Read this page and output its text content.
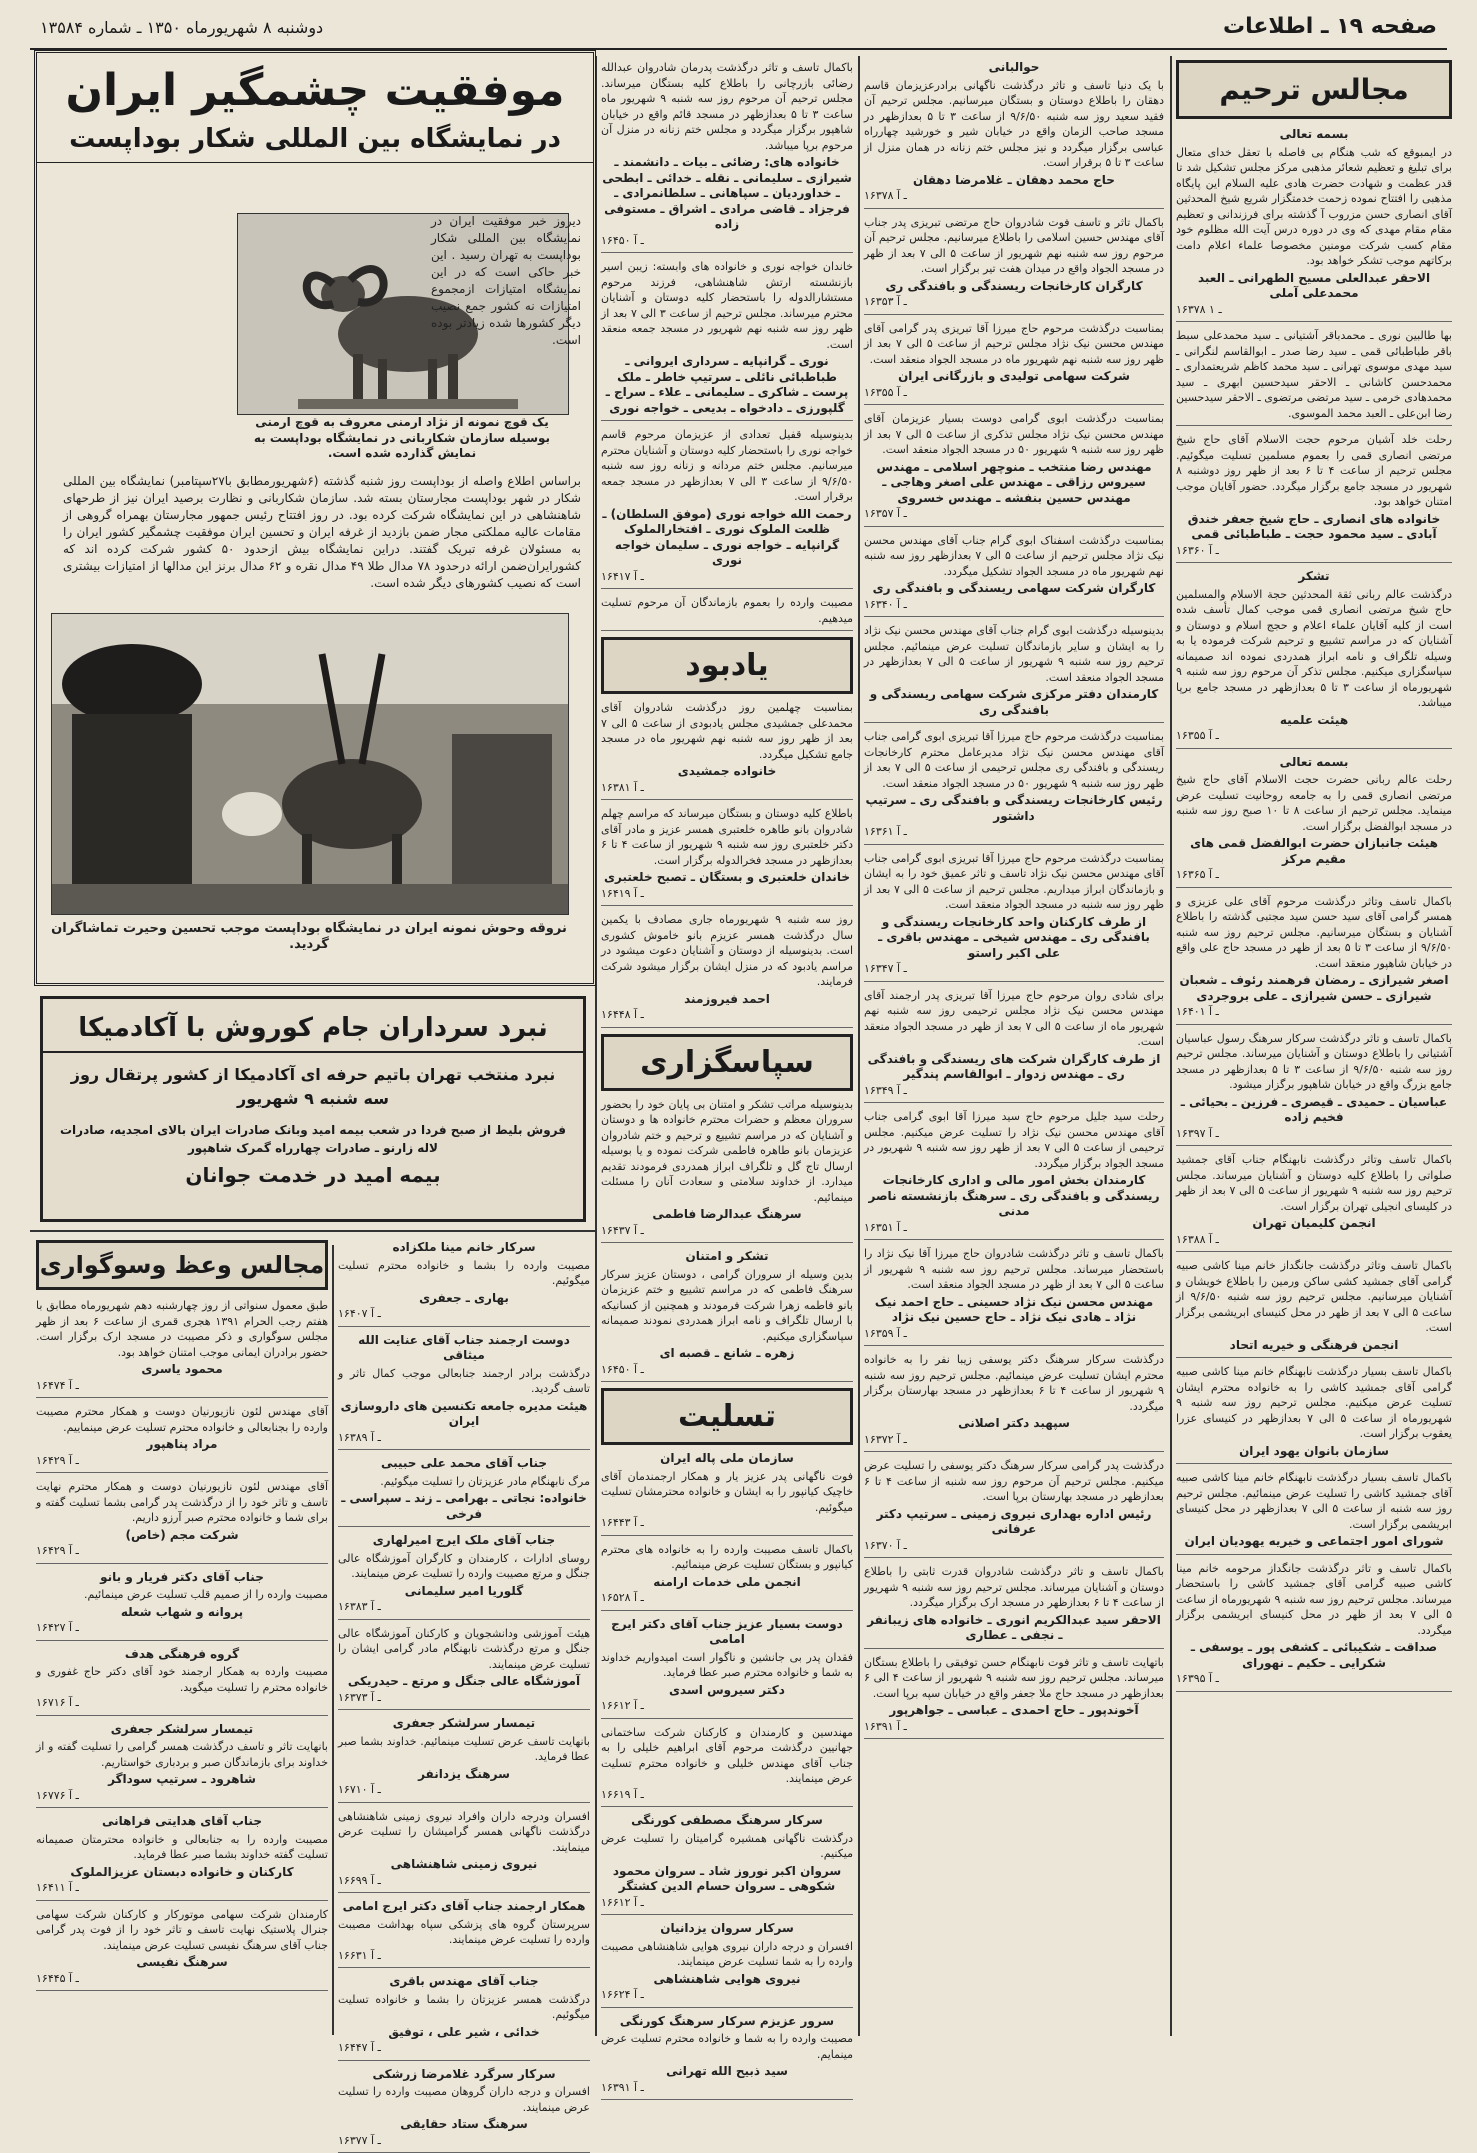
صفحه ۱۹ ـ اطلاعات
دوشنبه ۸ شهریورماه ۱۳۵۰ ـ شماره ۱۳۵۸۴
مجالس ترحیم
بسمه تعالی
در ایمبوقع که شب هنگام بی فاصله با تعقل خدای متعال برای تبلیغ و تعظیم شعائر مذهبی مرکز مجلس تشکیل شد تا قدر عظمت و شهادت حضرت هادی علیه السلام این پایگاه مذهبی را افتتاح نموده زحمت خدمتگزار شریع شیخ المحدثین آقای انصاری حسن مزروب آ گذشته برای فرزندانی و تعظیم مقام مقام مهدی که وی در دوره درس آیت الله مظلوم خود مقام کسب شرکت مومنین مخصوصا علماء اعلام دامت برکاتهم موجب تشکر خواهد بود.
الاحقر عبدالعلی مسیح الطهرانی ـ العبد محمدعلی آملی
۱۶۳۷۸ ـ ۱
بها طالبین نوری ـ محمدباقر آشتیانی ـ سید محمدعلی سبط باقر طباطبائی قمی ـ سید رضا صدر ـ ابوالقاسم لنگرانی ـ سید مهدی موسوی تهرانی ـ سید محمد کاظم شریعتمداری ـ محمدحسن کاشانی ـ الاحقر سیدحسین ابهری ـ سید محمدهادی خرمی ـ سید مرتضی مرتضوی ـ الاحقر سیدحسین رضا ابن‌علی ـ العبد محمد الموسوی.
رحلت خلد آشیان مرحوم حجت الاسلام آقای حاج شیخ مرتضی انصاری قمی را بعموم مسلمین تسلیت میگوئیم. مجلس ترحیم از ساعت ۴ تا ۶ بعد از ظهر روز دوشنبه ۸ شهریور در مسجد جامع برگزار میگردد. حضور آقایان موجب امتنان خواهد بود.
خانواده های انصاری ـ حاج شیخ جعفر خندق آبادی ـ سید محمود حجت ـ طباطبائی قمی
۱۶۳۶۰ ـ آ
تشکر
درگذشت عالم ربانی ثقة المحدثین حجة الاسلام والمسلمین حاج شیخ مرتضی انصاری قمی موجب کمال تأسف شده است از کلیه آقایان علماء اعلام و حجج اسلام و دوستان و آشنایان که در مراسم تشییع و ترحیم شرکت فرموده یا به وسیله تلگراف و نامه ابراز همدردی نموده اند صمیمانه سپاسگزاری میکنیم. مجلس تذکر آن مرحوم روز سه شنبه ۹ شهریورماه از ساعت ۳ تا ۵ بعدازظهر در مسجد جامع برپا میباشد.
هیئت علمیه
۱۶۳۵۵ ـ آ
بسمه تعالی
رحلت عالم ربانی حضرت حجت الاسلام آقای حاج شیخ مرتضی انصاری قمی را به جامعه روحانیت تسلیت عرض مینماید. مجلس ترحیم از ساعت ۸ تا ۱۰ صبح روز سه شنبه در مسجد ابوالفضل برگزار است.
هیئت جانبازان حضرت ابوالفضل قمی های مقیم مرکز
۱۶۳۶۵ ـ آ
باکمال تاسف وتاثر درگذشت مرحوم آقای علی عزیزی و همسر گرامی آقای سید حسن سید مجتبی گذشته را باطلاع آشنایان و بستگان میرسانیم. مجلس ترحیم روز سه شنبه ۹/۶/۵۰ از ساعت ۳ تا ۵ بعد از ظهر در مسجد حاج علی واقع در خیابان شاهپور منعقد است.
اصغر شیرازی ـ رمضان فرهمند رئوف ـ شعبان شیرازی ـ حسن شیرازی ـ علی بروجردی
۱۶۴۰۱ ـ آ
باکمال تاسف و تاثر درگذشت سرکار سرهنگ رسول عباسیان آشتیانی را باطلاع دوستان و آشنایان میرساند. مجلس ترحیم روز سه شنبه ۹/۶/۵۰ از ساعت ۳ تا ۵ بعدازظهر در مسجد جامع بزرگ واقع در خیابان شاهپور برگزار میشود.
عباسیان ـ حمیدی ـ قیصری ـ فرزین ـ بحیائی ـ فخیم زاده
۱۶۳۹۷ ـ آ
باکمال تاسف وتاثر درگذشت نابهنگام جناب آقای جمشید صلواتی را باطلاع کلیه دوستان و آشنایان میرساند. مجلس ترحیم روز سه شنبه ۹ شهریور از ساعت ۵ الی ۷ بعد از ظهر در کلیسای انجیلی تهران برگزار است.
انجمن کلیمیان تهران
۱۶۳۸۸ ـ آ
باکمال تاسف وتاثر درگذشت جانگداز خانم مینا کاشی صبیه گرامی آقای جمشید کشی ساکن ورمین را باطلاع خویشان و آشنایان میرسانیم. مجلس ترحیم روز سه شنبه ۹/۶/۵۰ از ساعت ۵ الی ۷ بعد از ظهر در محل کنیسای ابریشمی برگزار است.
انجمن فرهنگی و خیریه اتحاد
باکمال تاسف بسیار درگذشت نابهنگام خانم مینا کاشی صبیه گرامی آقای جمشید کاشی را به خانواده محترم ایشان تسلیت عرض میکنیم. مجلس ترحیم روز سه شنبه ۹ شهریورماه از ساعت ۵ الی ۷ بعدازظهر در کنیسای عزرا یعقوب برگزار است.
سازمان بانوان یهود ایران
باکمال تاسف بسیار درگذشت نابهنگام خانم مینا کاشی صبیه آقای جمشید کاشی را تسلیت عرض مینمائیم. مجلس ترحیم روز سه شنبه از ساعت ۵ الی ۷ بعدازظهر در محل کنیسای ابریشمی برگزار است.
شورای امور اجتماعی و خیریه یهودیان ایران
باکمال تاسف و تاثر درگذشت جانگداز مرحومه خانم مینا کاشی صبیه گرامی آقای جمشید کاشی را باستحضار میرساند. مجلس ترحیم روز سه شنبه ۹ شهریورماه از ساعت ۵ الی ۷ بعد از ظهر در محل کنیسای ابریشمی برگزار میگردد.
صداقت ـ شکیبائی ـ کشفی پور ـ یوسفی ـ شکرایی ـ حکیم ـ نهورای
۱۶۳۹۵ ـ آ
حوالبانی
با یک دنیا تاسف و تاثر درگذشت ناگهانی برادرعزیزمان قاسم دهقان را باطلاع دوستان و بستگان میرسانیم. مجلس ترحیم آن فقید سعید روز سه شنبه ۹/۶/۵۰ از ساعت ۳ تا ۵ بعدازظهر در مسجد صاحب الزمان واقع در خیابان شیر و خورشید چهارراه عباسی برگزار میگردد و نیز مجلس ختم زنانه در همان منزل از ساعت ۳ تا ۵ برقرار است.
حاج محمد دهقان ـ غلامرضا دهقان
۱۶۳۷۸ ـ آ
باکمال تاثر و تاسف فوت شادروان حاج مرتضی تبریزی پدر جناب آقای مهندس حسین اسلامی را باطلاع میرسانیم. مجلس ترحیم آن مرحوم روز سه شنبه نهم شهریور از ساعت ۵ الی ۷ بعد از ظهر در مسجد الجواد واقع در میدان هفت تیر برگزار است.
کارگران کارخانجات ریسندگی و بافندگی ری
۱۶۳۵۳ ـ آ
بمناسبت درگذشت مرحوم حاج میرزا آقا تبریزی پدر گرامی آقای مهندس محسن نیک نژاد مجلس ترحیم از ساعت ۵ الی ۷ بعد از ظهر روز سه شنبه نهم شهریور ماه در مسجد الجواد منعقد است.
شرکت سهامی تولیدی و بازرگانی ایران
۱۶۳۵۵ ـ آ
بمناسبت درگذشت ابوی گرامی دوست بسیار عزیزمان آقای مهندس محسن نیک نژاد مجلس تذکری از ساعت ۵ الی ۷ بعد از ظهر روز سه شنبه ۹ شهریور ۵۰ در مسجد الجواد منعقد است.
مهندس رضا منتخب ـ منوچهر اسلامی ـ مهندس سیروس رزاقی ـ مهندس علی اصغر وهاجی ـ مهندس حسین بنفشه ـ مهندس خسروی
۱۶۳۵۷ ـ آ
بمناسبت درگذشت اسفناک ابوی گرام جناب آقای مهندس محسن نیک نژاد مجلس ترحیم از ساعت ۵ الی ۷ بعدازظهر روز سه شنبه نهم شهریور ماه در مسجد الجواد تشکیل میگردد.
کارگران شرکت سهامی ریسندگی و بافندگی ری
۱۶۳۴۰ ـ آ
بدینوسیله درگذشت ابوی گرام جناب آقای مهندس محسن نیک نژاد را به ایشان و سایر بازماندگان تسلیت عرض مینمائیم. مجلس ترحیم روز سه شنبه ۹ شهریور از ساعت ۵ الی ۷ بعدازظهر در مسجد الجواد منعقد است.
کارمندان دفتر مرکزی شرکت سهامی ریسندگی و بافندگی ری
بمناسبت درگذشت مرحوم حاج میرزا آقا تبریزی ابوی گرامی جناب آقای مهندس محسن نیک نژاد مدیرعامل محترم کارخانجات ریسندگی و بافندگی ری مجلس ترحیمی از ساعت ۵ الی ۷ بعد از ظهر روز سه شنبه ۹ شهریور ۵۰ در مسجد الجواد منعقد است.
رئیس کارخانجات ریسندگی و بافندگی ری ـ سرتیپ داشتور
۱۶۳۶۱ ـ آ
بمناسبت درگذشت مرحوم حاج میرزا آقا تبریزی ابوی گرامی جناب آقای مهندس محسن نیک نژاد تاسف و تاثر عمیق خود را به ایشان و بازماندگان ابراز میداریم. مجلس ترحیم از ساعت ۵ الی ۷ بعد از ظهر روز سه شنبه در مسجد الجواد منعقد است.
از طرف کارکنان واحد کارخانجات ریسندگی و بافندگی ری ـ مهندس شیخی ـ مهندس باقری ـ علی اکبر راستو
۱۶۳۴۷ ـ آ
برای شادی روان مرحوم حاج میرزا آقا تبریزی پدر ارجمند آقای مهندس محسن نیک نژاد مجلس ترحیمی روز سه شنبه نهم شهریور ماه از ساعت ۵ الی ۷ بعد از ظهر در مسجد الجواد منعقد است.
از طرف کارگران شرکت های ریسندگی و بافندگی ری ـ مهندس زدوار ـ ابوالقاسم پندگیر
۱۶۳۴۹ ـ آ
رحلت سید جلیل مرحوم حاج سید میرزا آقا ابوی گرامی جناب آقای مهندس محسن نیک نژاد را تسلیت عرض میکنیم. مجلس ترحیمی از ساعت ۵ الی ۷ بعد از ظهر روز سه شنبه ۹ شهریور در مسجد الجواد برگزار میگردد.
کارمندان بخش امور مالی و اداری کارخانجات ریسندگی و بافندگی ری ـ سرهنگ بازنشسته ناصر مدنی
۱۶۳۵۱ ـ آ
باکمال تاسف و تاثر درگذشت شادروان حاج میرزا آقا نیک نژاد را باستحضار میرساند. مجلس ترحیم روز سه شنبه ۹ شهریور از ساعت ۵ الی ۷ بعد از ظهر در مسجد الجواد منعقد است.
مهندس محسن نیک نژاد حسینی ـ حاج احمد نیک نژاد ـ هادی نیک نژاد ـ حاج حسین نیک نژاد
۱۶۳۵۹ ـ آ
درگذشت سرکار سرهنگ دکتر یوسفی زیبا نفر را به خانواده محترم ایشان تسلیت عرض مینمائیم. مجلس ترحیم روز سه شنبه ۹ شهریور از ساعت ۴ تا ۶ بعدازظهر در مسجد بهارستان برگزار میگردد.
سپهبد دکتر اصلانی
۱۶۳۷۲ ـ آ
درگذشت پدر گرامی سرکار سرهنگ دکتر یوسفی را تسلیت عرض میکنیم. مجلس ترحیم آن مرحوم روز سه شنبه از ساعت ۴ تا ۶ بعدازظهر در مسجد بهارستان برپا است.
رئیس اداره بهداری نیروی زمینی ـ سرتیپ دکتر عرفانی
۱۶۳۷۰ ـ آ
باکمال تاسف و تاثر درگذشت شادروان قدرت ثابتی را باطلاع دوستان و آشنایان میرساند. مجلس ترحیم روز سه شنبه ۹ شهریور از ساعت ۴ تا ۶ بعدازظهر در مسجد ارک برگزار میگردد.
الاحقر سید عبدالکریم انوری ـ خانواده های زیبانفر ـ نجفی ـ عطاری
باتهایت تاسف و تاثر فوت نابهنگام حسن توفیقی را باطلاع بستگان میرساند. مجلس ترحیم روز سه شنبه ۹ شهریور از ساعت ۴ الی ۶ بعدازظهر در مسجد حاج ملا جعفر واقع در خیابان سپه برپا است.
آخوندپور ـ حاج احمدی ـ عباسی ـ جواهرپور
۱۶۳۹۱ ـ آ
باکمال تاسف و تاثر درگذشت پدرمان شادروان عبدالله رضائی بازرچانی را باطلاع کلیه بستگان میرساند. مجلس ترحیم آن مرحوم روز سه شنبه ۹ شهریور ماه ساعت ۳ تا ۵ بعدازظهر در مسجد قائم واقع در خیابان شاهپور برگزار میگردد و مجلس ختم زنانه در منزل آن مرحوم برپا میباشد.
خانواده های: رضائی ـ بیات ـ دانشمند ـ شیرازی ـ سلیمانی ـ نقله ـ خدائی ـ ابطحی ـ خداوردیان ـ سپاهانی ـ سلطانمرادی ـ فرجزاد ـ قاضی مرادی ـ اشراق ـ مستوفی زاده
۱۶۴۵۰ ـ آ
خاندان خواجه نوری و خانواده های وابسته: زیبن اسیر بازنشسته ارتش شاهنشاهی، فرزند مرحوم مستشارالدوله را باستحضار کلیه دوستان و آشنایان محترم میرساند. مجلس ترحیم از ساعت ۳ الی ۷ بعد از ظهر روز سه شنبه نهم شهریور در مسجد جمعه منعقد است.
نوری ـ گرانپایه ـ سرداری ایروانی ـ طباطبائی نائلی ـ سرتیپ خاطر ـ ملک پرست ـ شاکری ـ سلیمانی ـ علاء ـ سراج ـ گلپورزی ـ دادخواه ـ بدیعی ـ خواجه نوری
بدینوسیله قفیل تعدادی از عزیزمان مرحوم قاسم خواجه نوری را باستحضار کلیه دوستان و آشنایان محترم میرسانیم. مجلس ختم مردانه و زنانه روز سه شنبه ۹/۶/۵۰ از ساعت ۳ الی ۷ بعدازظهر در مسجد جمعه برقرار است.
رحمت الله خواجه نوری (موفق السلطان) ـ ظلعت الملوک نوری ـ افتخارالملوک گرانپایه ـ خواجه نوری ـ سلیمان خواجه نوری
۱۶۴۱۷ ـ آ
مصیبت وارده را بعموم بازماندگان آن مرحوم تسلیت میدهیم.
یادبود
بمناسبت چهلمین روز درگذشت شادروان آقای محمدعلی جمشیدی مجلس یادبودی از ساعت ۵ الی ۷ بعد از ظهر روز سه شنبه نهم شهریور ماه در مسجد جامع تشکیل میگردد.
خانواده جمشیدی
۱۶۳۸۱ ـ آ
باطلاع کلیه دوستان و بستگان میرساند که مراسم چهلم شادروان بانو طاهره خلعتبری همسر عزیز و مادر آقای دکتر خلعتبری روز سه شنبه ۹ شهریور از ساعت ۴ تا ۶ بعدازظهر در مسجد فخرالدوله برگزار است.
خاندان خلعتبری و بستگان ـ تصبح خلعتبری
۱۶۴۱۹ ـ آ
روز سه شنبه ۹ شهریورماه جاری مصادف با یکمین سال درگذشت همسر عزیزم بانو خاموش کشوری است. بدینوسیله از دوستان و آشنایان دعوت میشود در مراسم یادبود که در منزل ایشان برگزار میشود شرکت فرمایند.
احمد فیروزمند
۱۶۴۴۸ ـ آ
سپاسگزاری
بدینوسیله مراتب تشکر و امتنان بی پایان خود را بحضور سروران معظم و حضرات محترم خانواده ها و دوستان و آشنایان که در مراسم تشییع و ترحیم و ختم شادروان عزیزمان بانو طاهره فاطمی شرکت نموده و یا بوسیله ارسال تاج گل و تلگراف ابراز همدردی فرمودند تقدیم میدارد. از خداوند سلامتی و سعادت آنان را مسئلت مینمائیم.
سرهنگ عبدالرضا فاطمی
۱۶۴۳۷ ـ آ
تشکر و امتنان
بدین وسیله از سروران گرامی ، دوستان عزیز سرکار سرهنگ فاطمی که در مراسم تشییع و ختم عزیزمان بانو فاطمه زهرا شرکت فرمودند و همچنین از کسانیکه با ارسال تلگراف و نامه ابراز همدردی نمودند صمیمانه سپاسگزاری میکنیم.
زهره ـ شانع ـ قصبه ای
۱۶۴۵۰ ـ آ
تسلیت
سازمان ملی پاله ایران
فوت ناگهانی پدر عزیز یار و همکار ارجمندمان آقای خاچیک کیانپور را به ایشان و خانواده محترمشان تسلیت میگوئیم.
۱۶۴۴۳ ـ آ
باکمال تاسف مصیبت وارده را به خانواده های محترم کیانپور و بستگان تسلیت عرض مینمائیم.
انجمن ملی خدمات ارامنه
۱۶۵۲۸ ـ آ
دوست بسیار عزیز جناب آقای دکتر ایرج امامی
فقدان پدر بی جانشین و ناگوار است امیدواریم خداوند به شما و خانواده محترم صبر عطا فرماید.
دکتر سیروس اسدی
۱۶۶۱۲ ـ آ
مهندسین و کارمندان و کارکنان شرکت ساختمانی جهانیین درگذشت مرحوم آقای ابراهیم خلیلی را به جناب آقای مهندس خلیلی و خانواده محترم تسلیت عرض مینمایند.
۱۶۶۱۹ ـ آ
سرکار سرهنگ مصطفی کورنگی
درگذشت ناگهانی همشیره گرامیتان را تسلیت عرض میکنیم.
سروان اکبر نوروز شاد ـ سروان محمود شکوهی ـ سروان حسام الدین کشتگر
۱۶۶۱۲ ـ آ
سرکار سروان یزدانیان
افسران و درجه داران نیروی هوایی شاهنشاهی مصیبت وارده را به شما تسلیت عرض مینمایند.
نیروی هوایی شاهنشاهی
۱۶۶۲۴ ـ آ
سرور عزیزم سرکار سرهنگ کورنگی
مصیبت وارده را به شما و خانواده محترم تسلیت عرض مینمایم.
سید ذبیح الله تهرانی
۱۶۳۹۱ ـ آ
موفقیت چشمگیر ایران
در نمایشگاه بین المللی شکار بوداپست
یک قوچ نمونه از نژاد ارمنی معروف به قوچ ارمنی بوسیله سازمان شکاربانی در نمایشگاه بوداپست به نمایش گذارده شده است.
دیروز خبر موفقیت ایران در نمایشگاه بین المللی شکار بوداپست به تهران رسید . این خبر حاکی است که در این نمایشگاه امتیازات ازمجموع امتیازات نه کشور جمع نصیب دیگر کشورها شده زیادتر بوده است.
براساس اطلاع واصله از بوداپست روز شنبه گذشته (۶شهریورمطابق با۲۷سپتامبر) نمایشگاه بین المللی شکار در شهر بوداپست مجارستان بسته شد. سازمان شکاربانی و نظارت برصید ایران نیز از طرحهای شاهنشاهی در این نمایشگاه شرکت کرده بود. در روز افتتاح رئیس جمهور مجارستان بهمراه گروهی از مقامات عالیه مملکتی مجار ضمن بازدید از غرفه ایران و تحسین ایران موفقیت چشمگیر کشور ایران را به مسئولان غرفه تبریک گفتند. دراین نمایشگاه بیش ازحدود ۵۰ کشور شرکت کرده اند که کشورایران‌‌ضمن ارائه درحدود ۷۸ مدال طلا ۴۹ مدال نقره و ۶۲ مدال برنز این مدالها از امتیازات بیشتری است که نصیب کشورهای دیگر شده است.
نروقه وحوش نمونه ایران در نمایشگاه بوداپست موجب تحسین وحیرت تماشاگران گردید.
نبرد سرداران جام کوروش با آکادمیکا
نبرد منتخب تهران باتیم حرفه ای آکادمیکا از کشور پرتقال روز سه شنبه ۹ شهریور
فروش بلیط از صبح فردا در شعب بیمه امید وبانک صادرات ایران بالای امجدیه، صادرات لاله زارنو ـ صادرات چهارراه گمرک شاهپور
بیمه امید در خدمت جوانان
سرکار خانم مینا ملکزاده
مصیبت وارده را بشما و خانواده محترم تسلیت میگوئیم.
بهاری ـ جعفری
۱۶۴۰۷ ـ آ
دوست ارجمند جناب آقای عنایت الله میثاقی
درگذشت برادر ارجمند جنابعالی موجب کمال تاثر و تاسف گردید.
هیئت مدیره جامعه تکنسین های داروسازی ایران
۱۶۳۸۹ ـ آ
جناب آقای محمد علی حبیبی
مرگ نابهنگام مادر عزیزتان را تسلیت میگوئیم.
خانواده: نجاتی ـ بهرامی ـ زند ـ سپراسی ـ فرخی
جناب آقای ملک ایرج امیرلهاری
روسای ادارات ، کارمندان و کارگران آموزشگاه عالی جنگل و مرتع مصیبت وارده را تسلیت عرض مینمایند.
گلوریا امیر سلیمانی
۱۶۳۸۳ ـ آ
هیئت آموزشی ودانشجویان و کارکنان آموزشگاه عالی جنگل و مرتع درگذشت نابهنگام مادر گرامی ایشان را تسلیت عرض مینمایند.
آموزشگاه عالی جنگل و مرتع ـ حیدریکی
۱۶۳۷۳ ـ آ
تیمسار سرلشکر جعفری
بانهایت تاسف عرض تسلیت مینمائیم. خداوند بشما صبر عطا فرماید.
سرهنگ یزدانفر
۱۶۷۱۰ ـ آ
افسران ودرجه داران وافراد نیروی زمینی شاهنشاهی درگذشت ناگهانی همسر گرامیشان را تسلیت عرض مینمایند.
نیروی زمینی شاهنشاهی
۱۶۶۹۹ ـ آ
همکار ارجمند جناب آقای دکتر ایرج امامی
سرپرستان گروه های پزشکی سپاه بهداشت مصیبت وارده را تسلیت عرض مینمایند.
۱۶۶۳۱ ـ آ
جناب آقای مهندس باقری
درگذشت همسر عزیزتان را بشما و خانواده تسلیت میگوئیم.
خدائی ، شیر علی ، توفیق
۱۶۴۴۷ ـ آ
سرکار سرگرد غلامرضا زرشکی
افسران و درجه داران گروهان مصیبت وارده را تسلیت عرض مینمایند.
سرهنگ ستاد حقایقی
۱۶۳۷۷ ـ آ
مجالس وعظ وسوگواری
طبق معمول سنواتی از روز چهارشنبه دهم شهریورماه مطابق با هفتم رجب الحرام ۱۳۹۱ هجری قمری از ساعت ۶ بعد از ظهر مجلس سوگواری و ذکر مصیبت در مسجد ارک برگزار است. حضور برادران ایمانی موجب امتنان خواهد بود.
محمود یاسری
۱۶۴۷۴ ـ آ
آقای مهندس لئون نازیورنیان دوست و همکار محترم مصیبت وارده را بجنابعالی و خانواده محترم تسلیت عرض مینماییم.
مراد پناهپور
۱۶۴۲۹ ـ آ
آقای مهندس لئون نازیورنیان دوست و همکار محترم نهایت تاسف و تاثر خود را از درگذشت پدر گرامی بشما تسلیت گفته و برای شما و خانواده محترم صبر آرزو داریم.
شرکت مجم (خاص)
۱۶۴۲۹ ـ آ
جناب آقای دکتر فریار و بانو
مصیبت وارده را از صمیم قلب تسلیت عرض مینمائیم.
پروانه و شهاب شعله
۱۶۴۲۷ ـ آ
گروه فرهنگی هدف
مصیبت وارده به همکار ارجمند خود آقای دکتر حاج غفوری و خانواده محترم را تسلیت میگوید.
۱۶۷۱۶ ـ آ
تیمسار سرلشکر جعفری
بانهایت تاثر و تاسف درگذشت همسر گرامی را تسلیت گفته و از خداوند برای بازماندگان صبر و بردباری خواستاریم.
شاهرود ـ سرتیپ سوداگر
۱۶۷۷۶ ـ آ
جناب آقای هدایتی فراهانی
مصیبت وارده را به جنابعالی و خانواده محترمتان صمیمانه تسلیت گفته خداوند بشما صبر عطا فرماید.
کارکنان و خانواده دبستان عزیزالملوک
۱۶۴۱۱ ـ آ
کارمندان شرکت سهامی موتورکار و کارکنان شرکت سهامی جنرال پلاستیک نهایت تاسف و تاثر خود را از فوت پدر گرامی جناب آقای سرهنگ نفیسی تسلیت عرض مینمایند.
سرهنگ نفیسی
۱۶۴۴۵ ـ آ
